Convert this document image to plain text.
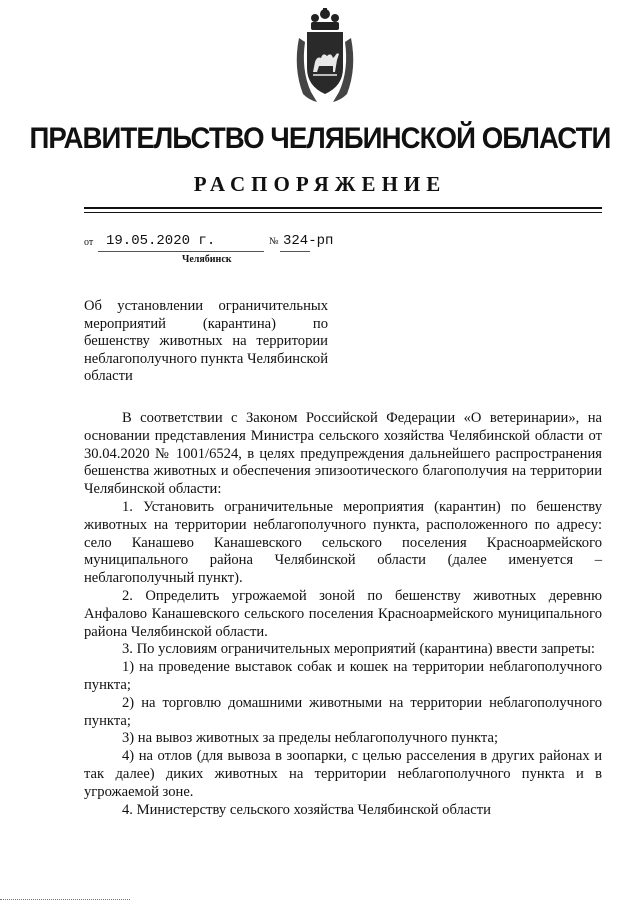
ПРАВИТЕЛЬСТВО ЧЕЛЯБИНСКОЙ ОБЛАСТИ
РАСПОРЯЖЕНИЕ
от 19.05.2020 г.	№ 324-рп
Челябинск
Об установлении ограничительных мероприятий (карантина) по бешенству животных на территории неблагополучного пункта Челябинской области

В соответствии с Законом Российской Федерации «О ветеринарии», на основании представления Министра сельского хозяйства Челябинской области от 30.04.2020 № 1001/6524, в целях предупреждения дальнейшего распространения бешенства животных и обеспечения эпизоотического благополучия на территории Челябинской области:

1. Установить ограничительные мероприятия (карантин) по бешенству животных на территории неблагополучного пункта, расположенного по адресу: село Канашево Канашевского сельского поселения Красноармейского муниципального района Челябинской области (далее именуется – неблагополучный пункт).

2. Определить угрожаемой зоной по бешенству животных деревню Анфалово Канашевского сельского поселения Красноармейского муниципального района Челябинской области.

3. По условиям ограничительных мероприятий (карантина) ввести запреты:

1) на проведение выставок собак и кошек на территории неблагополучного пункта;

2) на торговлю домашними животными на территории неблагополучного пункта;

3) на вывоз животных за пределы неблагополучного пункта;

4) на отлов (для вывоза в зоопарки, с целью расселения в других районах и так далее) диких животных на территории неблагополучного пункта и в угрожаемой зоне.

4. Министерству сельского хозяйства Челябинской области
